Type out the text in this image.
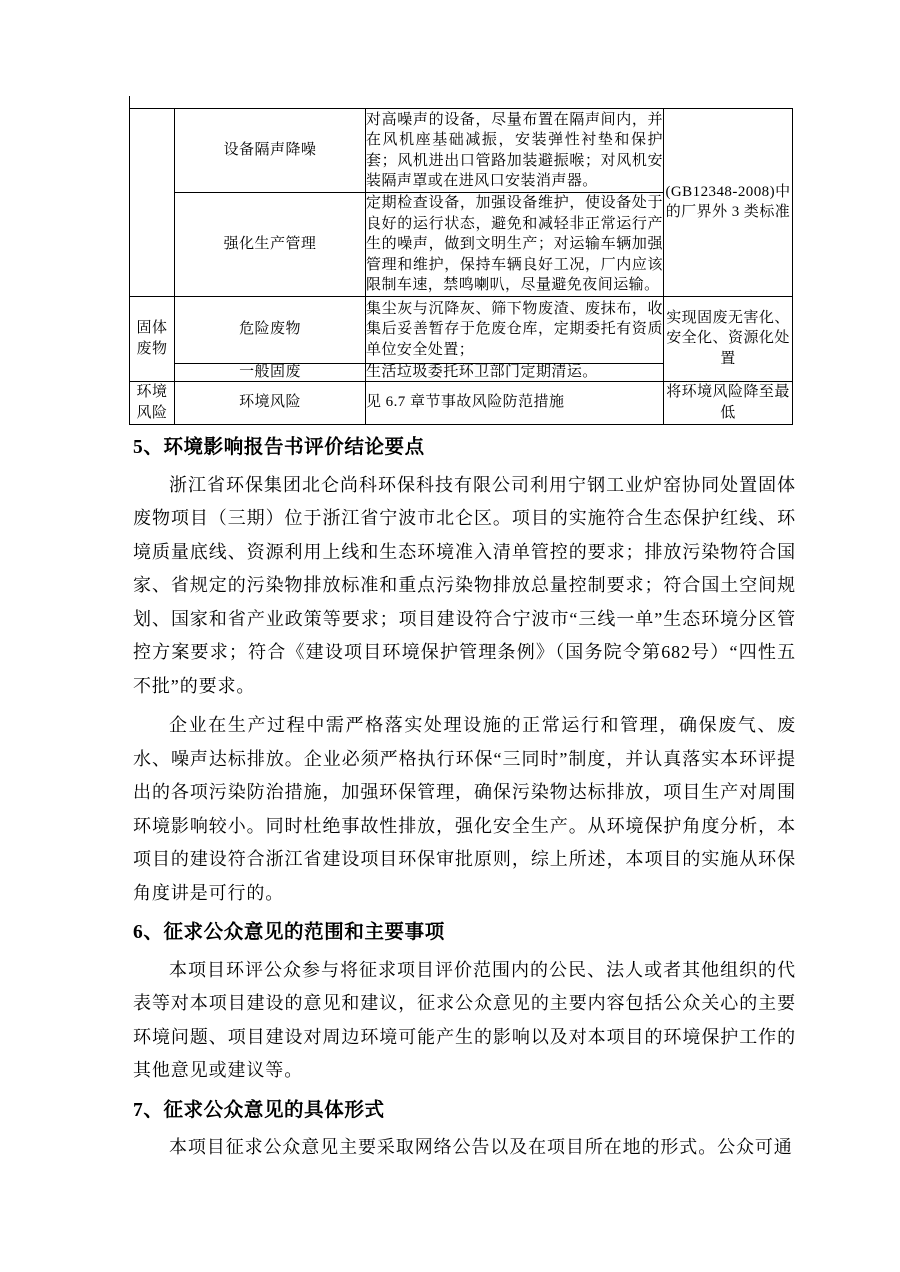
	设备隔声降噪	对高噪声的设备，尽量布置在隔声间内，并在风机座基础减振，安装弹性衬垫和保护套；风机进出口管路加装避振喉；对风机安装隔声罩或在进风口安装消声器。	(GB12348-2008)中的厂界外 3 类标准
	强化生产管理	定期检查设备，加强设备维护，使设备处于良好的运行状态，避免和减轻非正常运行产生的噪声，做到文明生产；对运输车辆加强管理和维护，保持车辆良好工况，厂内应该限制车速，禁鸣喇叭，尽量避免夜间运输。	
固体废物	危险废物	集尘灰与沉降灰、筛下物废渣、废抹布，收集后妥善暂存于危废仓库，定期委托有资质单位安全处置；	实现固废无害化、安全化、资源化处置
	一般固废	生活垃圾委托环卫部门定期清运。	
环境风险	环境风险	见 6.7 章节事故风险防范措施	将环境风险降至最低
5、环境影响报告书评价结论要点

浙江省环保集团北仑尚科环保科技有限公司利用宁钢工业炉窑协同处置固体废物项目（三期）位于浙江省宁波市北仑区。项目的实施符合生态保护红线、环境质量底线、资源利用上线和生态环境准入清单管控的要求；排放污染物符合国家、省规定的污染物排放标准和重点污染物排放总量控制要求；符合国土空间规划、国家和省产业政策等要求；项目建设符合宁波市“三线一单”生态环境分区管控方案要求；符合《建设项目环境保护管理条例》（国务院令第682号）“四性五不批”的要求。

企业在生产过程中需严格落实处理设施的正常运行和管理，确保废气、废水、噪声达标排放。企业必须严格执行环保“三同时”制度，并认真落实本环评提出的各项污染防治措施，加强环保管理，确保污染物达标排放，项目生产对周围环境影响较小。同时杜绝事故性排放，强化安全生产。从环境保护角度分析，本项目的建设符合浙江省建设项目环保审批原则，综上所述，本项目的实施从环保角度讲是可行的。

6、征求公众意见的范围和主要事项

本项目环评公众参与将征求项目评价范围内的公民、法人或者其他组织的代表等对本项目建设的意见和建议，征求公众意见的主要内容包括公众关心的主要环境问题、项目建设对周边环境可能产生的影响以及对本项目的环境保护工作的其他意见或建议等。

7、征求公众意见的具体形式

本项目征求公众意见主要采取网络公告以及在项目所在地的形式。公众可通
